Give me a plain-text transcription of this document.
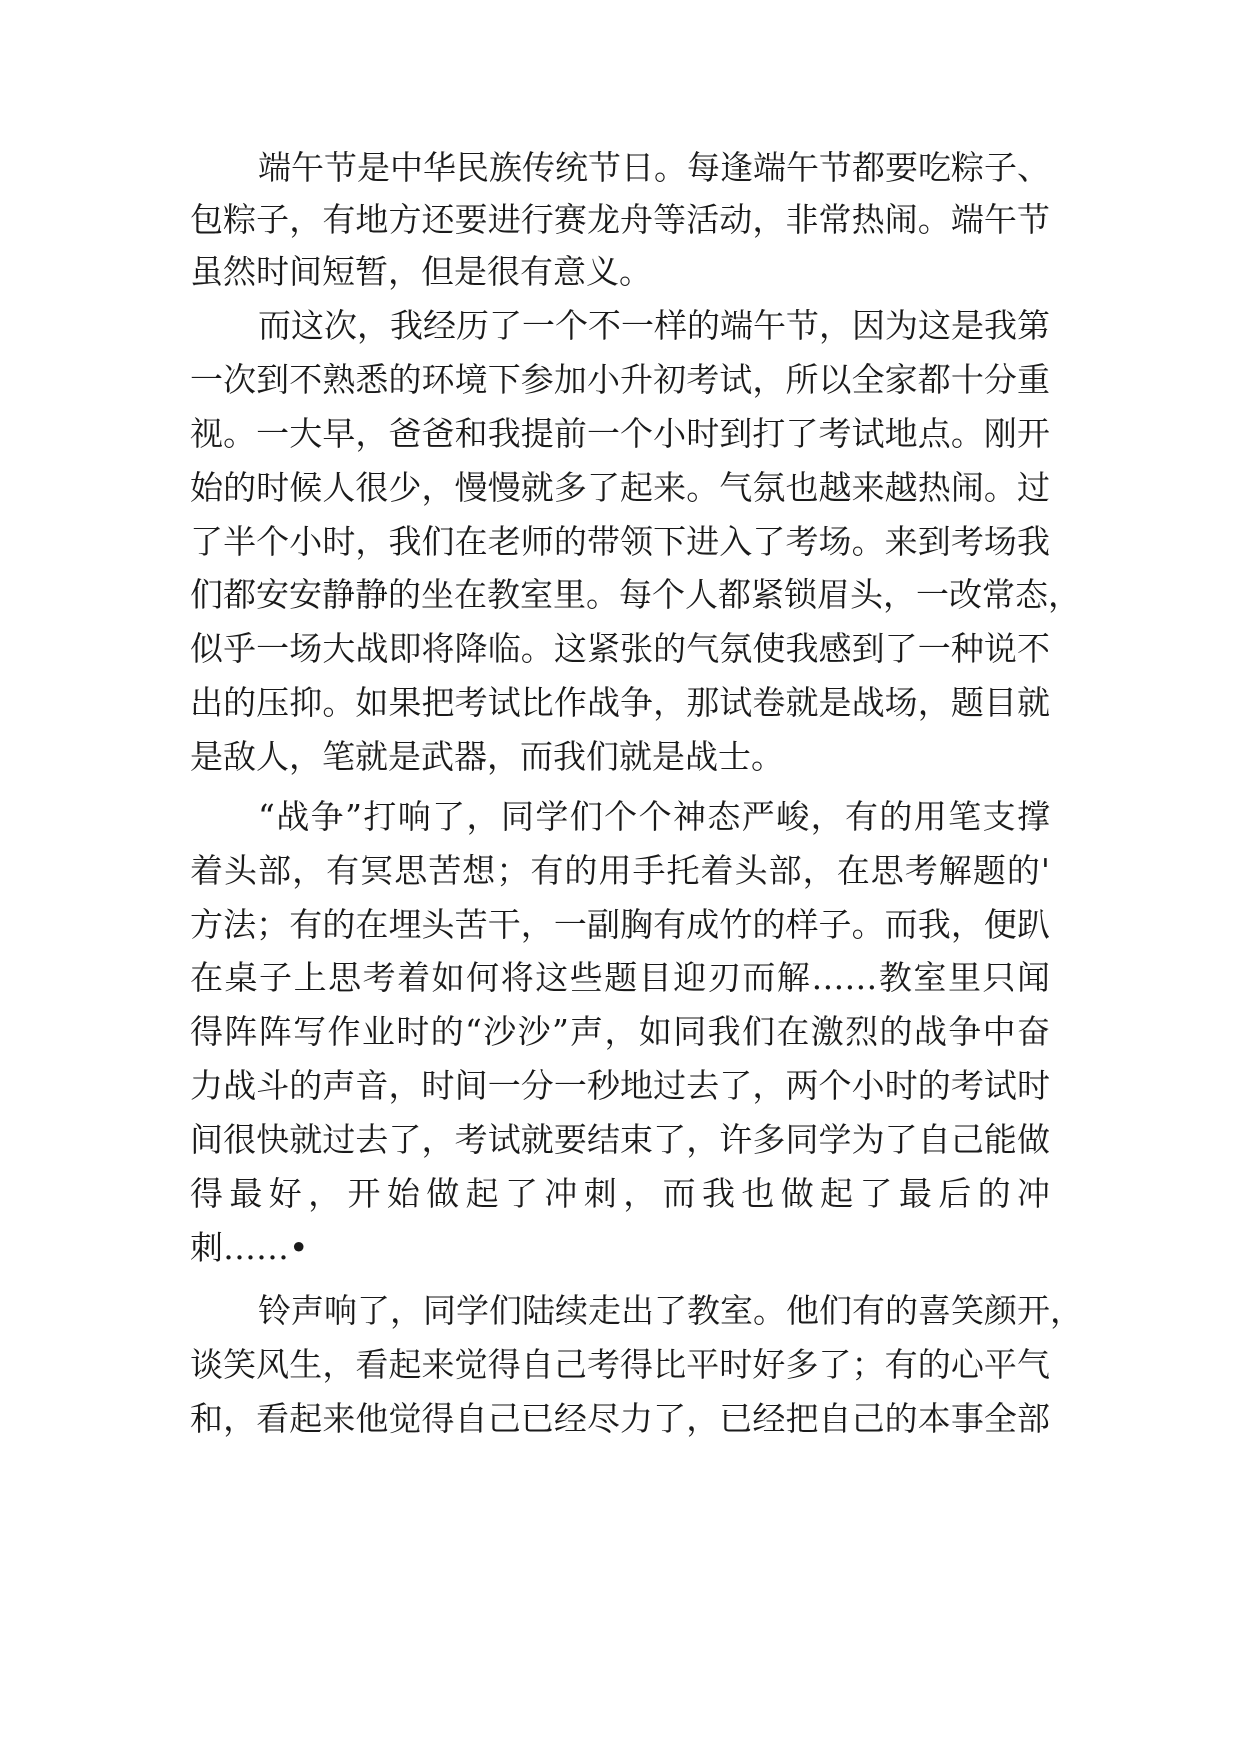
端午节是中华民族传统节日。每逢端午节都要吃粽子、
包粽子，有地方还要进行赛龙舟等活动，非常热闹。端午节
虽然时间短暂，但是很有意义。
而这次，我经历了一个不一样的端午节，因为这是我第
一次到不熟悉的环境下参加小升初考试，所以全家都十分重
视。一大早，爸爸和我提前一个小时到打了考试地点。刚开
始的时候人很少，慢慢就多了起来。气氛也越来越热闹。过
了半个小时，我们在老师的带领下进入了考场。来到考场我
们都安安静静的坐在教室里。每个人都紧锁眉头，一改常态，
似乎一场大战即将降临。这紧张的气氛使我感到了一种说不
出的压抑。如果把考试比作战争，那试卷就是战场，题目就
是敌人，笔就是武器，而我们就是战士。
“战争”打响了，同学们个个神态严峻，有的用笔支撑
着头部，有冥思苦想；有的用手托着头部，在思考解题的'
方法；有的在埋头苦干，一副胸有成竹的样子。而我，便趴
在桌子上思考着如何将这些题目迎刃而解……教室里只闻
得阵阵写作业时的“沙沙”声，如同我们在激烈的战争中奋
力战斗的声音，时间一分一秒地过去了，两个小时的考试时
间很快就过去了，考试就要结束了，许多同学为了自己能做
得最好，开始做起了冲刺，而我也做起了最后的冲
刺……•
铃声响了，同学们陆续走出了教室。他们有的喜笑颜开，
谈笑风生，看起来觉得自己考得比平时好多了；有的心平气
和，看起来他觉得自己已经尽力了，已经把自己的本事全部
